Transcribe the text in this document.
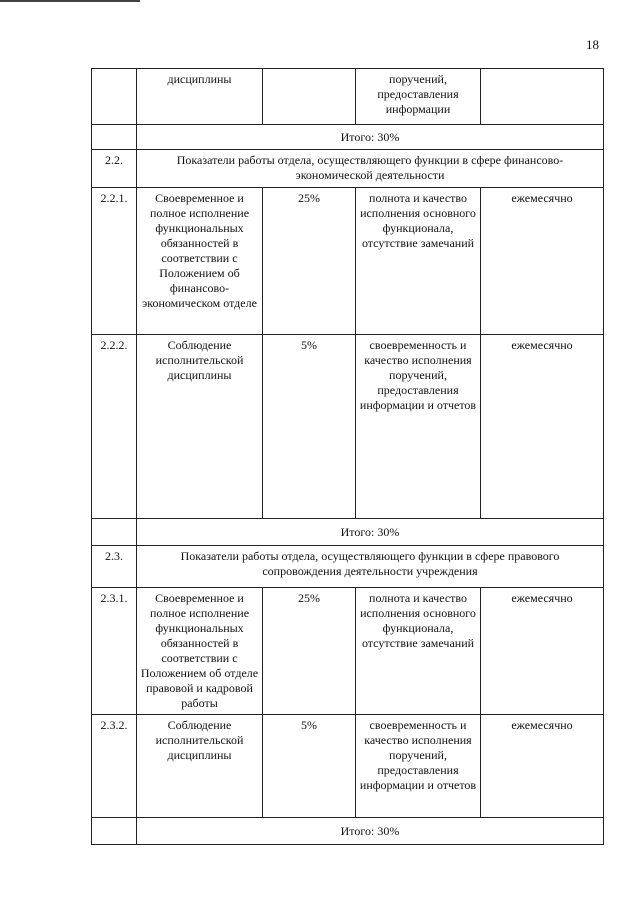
18
	дисциплины		поручений, предоставления информации	
	Итого: 30%			
2.2.	Показатели работы отдела, осуществляющего функции в сфере финансово-экономической деятельности			
2.2.1.	Своевременное и полное исполнение функциональных обязанностей в соответствии с Положением об финансово-экономическом отделе	25%	полнота и качество исполнения основного функционала, отсутствие замечаний	ежемесячно
2.2.2.	Соблюдение исполнительской дисциплины	5%	своевременность и качество исполнения поручений, предоставления информации и отчетов	ежемесячно
	Итого: 30%			
2.3.	Показатели работы отдела, осуществляющего функции в сфере правового сопровождения деятельности учреждения			
2.3.1.	Своевременное и полное исполнение функциональных обязанностей в соответствии с Положением об отделе правовой и кадровой работы	25%	полнота и качество исполнения основного функционала, отсутствие замечаний	ежемесячно
2.3.2.	Соблюдение исполнительской дисциплины	5%	своевременность и качество исполнения поручений, предоставления информации и отчетов	ежемесячно
	Итого: 30%			
